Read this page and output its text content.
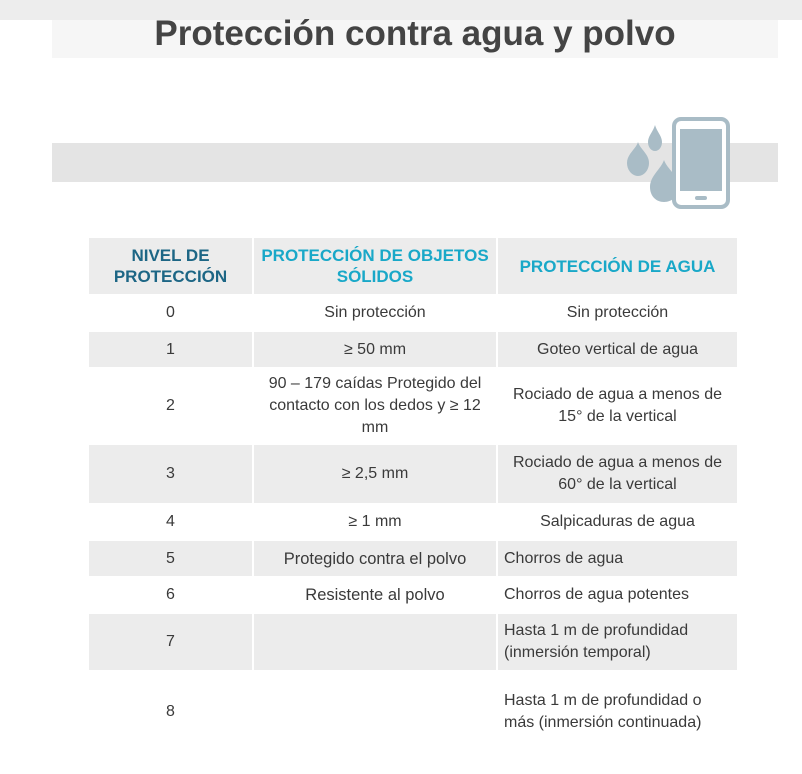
Protección contra agua y polvo
NIVEL DE PROTECCIÓN	PROTECCIÓN DE OBJETOS SÓLIDOS	PROTECCIÓN DE AGUA
0	Sin protección	Sin protección
1	≥ 50 mm	Goteo vertical de agua
2	90 – 179 caídas Protegido del contacto con los dedos y ≥ 12 mm	Rociado de agua a menos de 15° de la vertical
3	≥ 2,5 mm	Rociado de agua a menos de 60° de la vertical
4	≥ 1 mm	Salpicaduras de agua
5	Protegido contra el polvo	Chorros de agua
6	Resistente al polvo	Chorros de agua potentes
7		Hasta 1 m de profundidad (inmersión temporal)
8		Hasta 1 m de profundidad o más (inmersión continuada)
